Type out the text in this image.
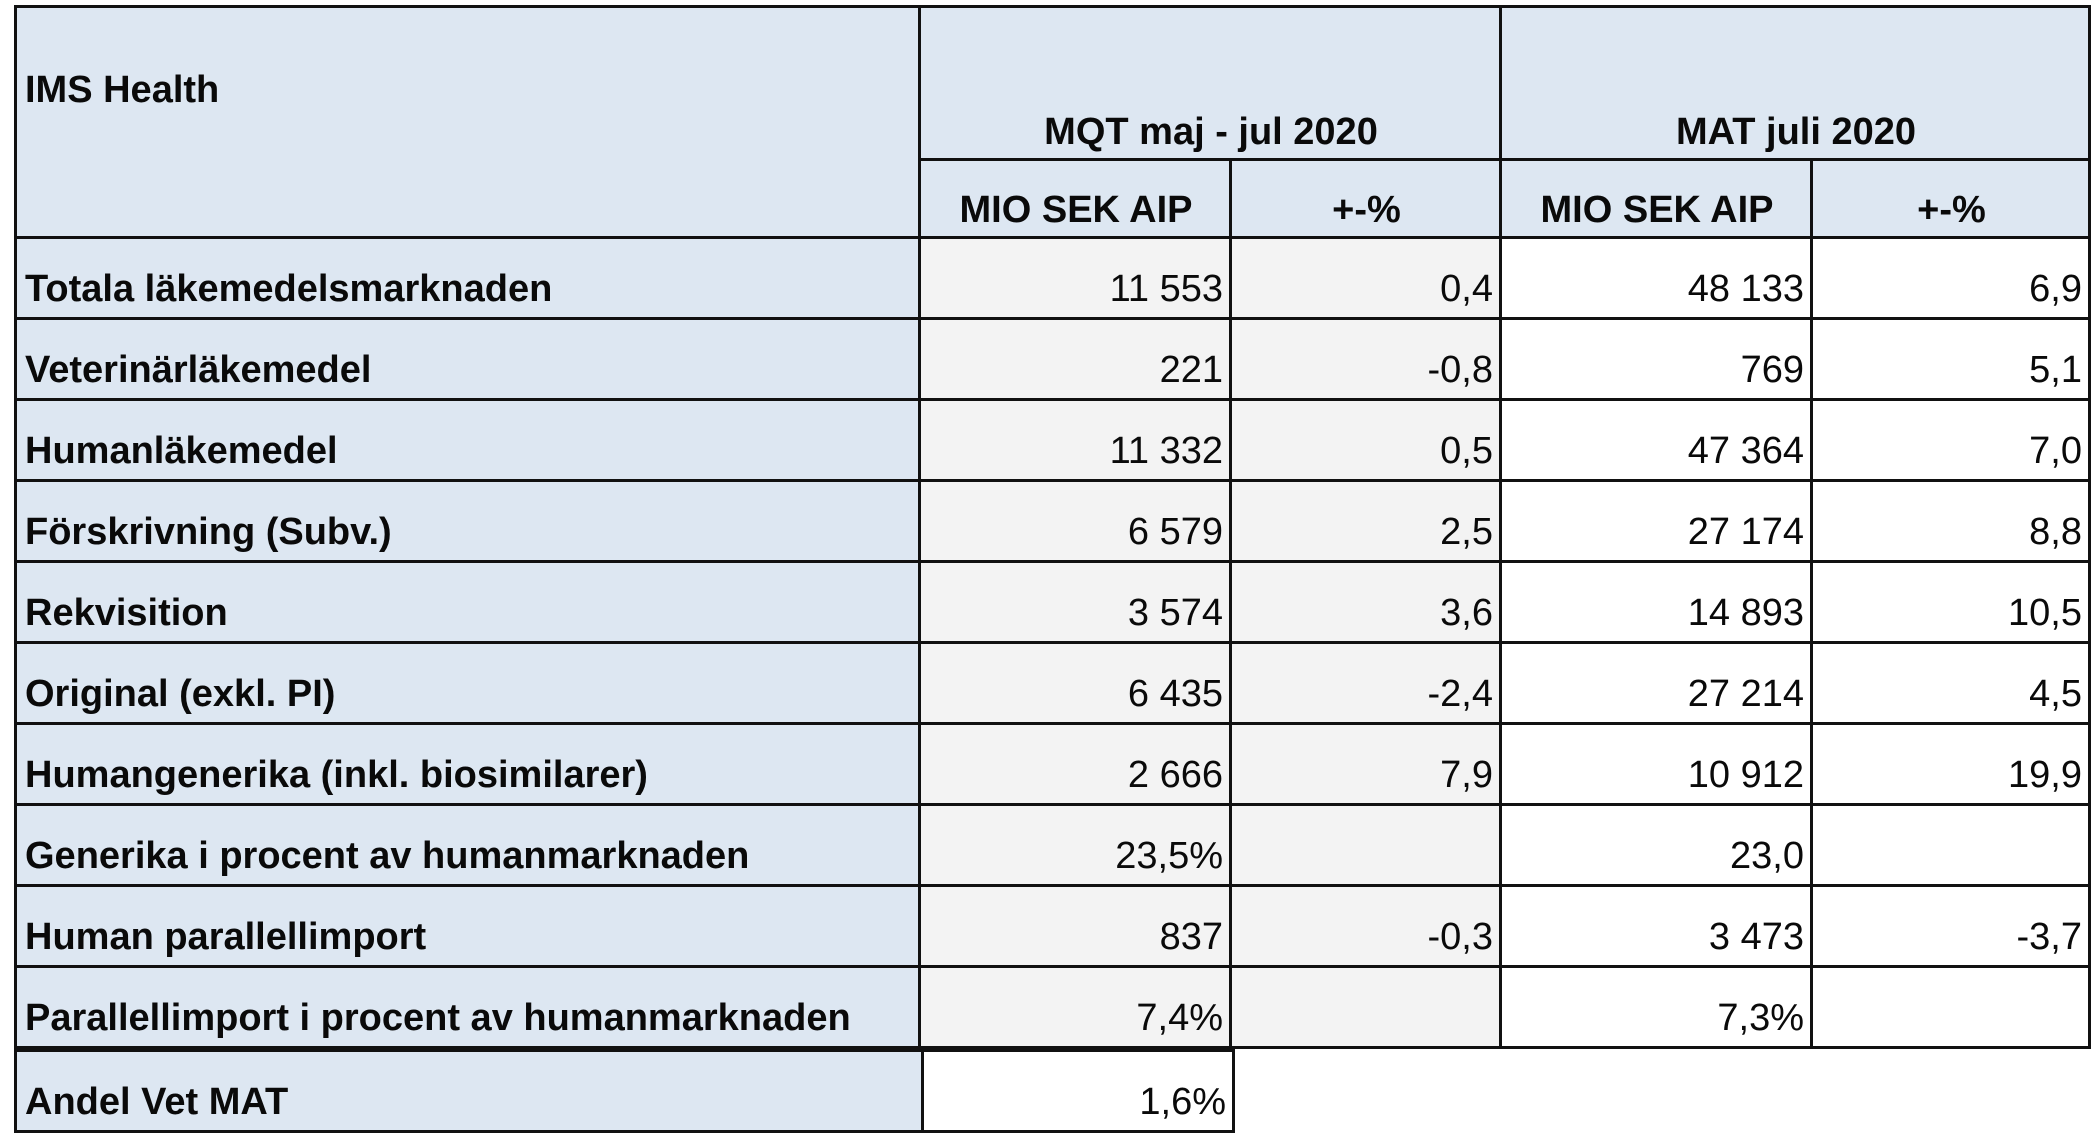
IMS Health	MQT maj - jul 2020		MAT juli 2020	
	MIO SEK AIP	+-%	MIO SEK AIP	+-%
Totala läkemedelsmarknaden	11 553	0,4	48 133	6,9
Veterinärläkemedel	221	-0,8	769	5,1
Humanläkemedel	11 332	0,5	47 364	7,0
Förskrivning (Subv.)	6 579	2,5	27 174	8,8
Rekvisition	3 574	3,6	14 893	10,5
Original (exkl. PI)	6 435	-2,4	27 214	4,5
Humangenerika (inkl. biosimilarer)	2 666	7,9	10 912	19,9
Generika i procent av humanmarknaden	23,5%		23,0	
Human parallellimport	837	-0,3	3 473	-3,7
Parallellimport i procent av humanmarknaden	7,4%		7,3%	
Andel Vet MAT	1,6%
